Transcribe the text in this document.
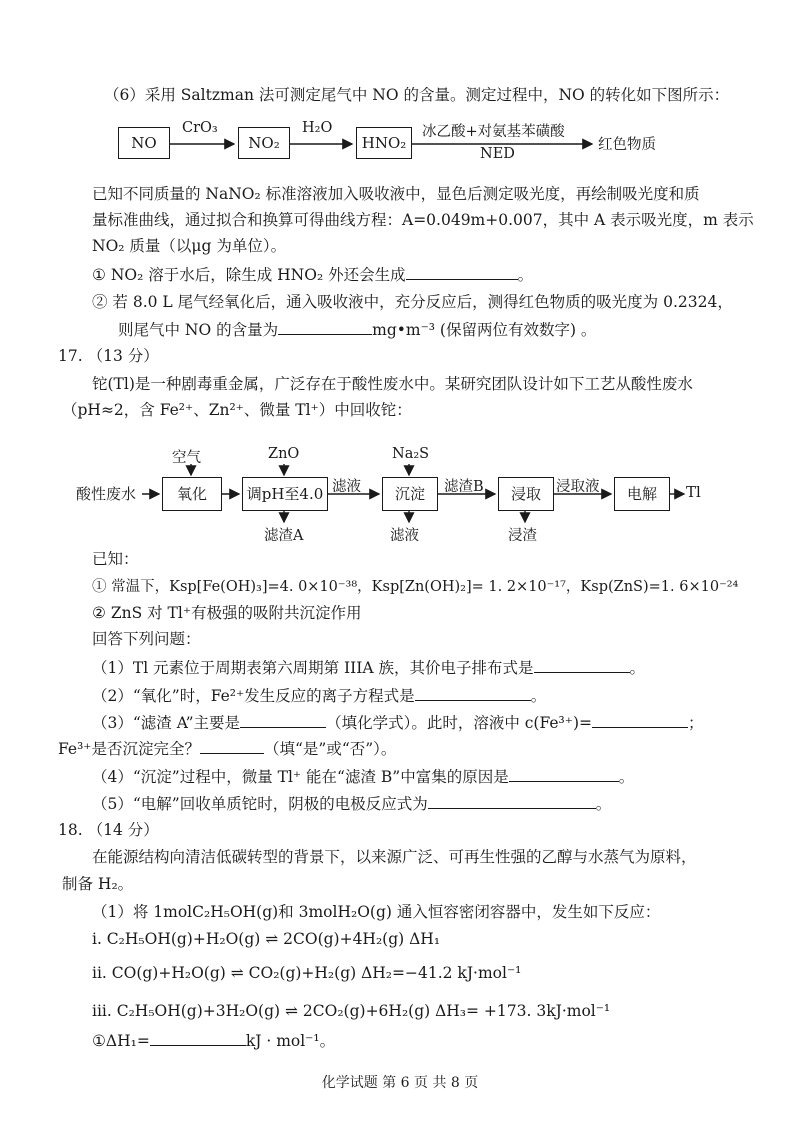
（6）采用 Saltzman 法可测定尾气中 NO 的含量。测定过程中，NO 的转化如下图所示：
NO
CrO₃
NO₂
H₂O
HNO₂
冰乙酸+对氨基苯磺酸
NED
红色物质
已知不同质量的 NaNO₂ 标准溶液加入吸收液中，显色后测定吸光度，再绘制吸光度和质
量标准曲线，通过拟合和换算可得曲线方程：A=0.049m+0.007，其中 A 表示吸光度，m 表示
NO₂ 质量（以μg 为单位）。
① NO₂ 溶于水后，除生成 HNO₂ 外还会生成	。
② 若 8.0 L 尾气经氧化后，通入吸收液中，充分反应后，测得红色物质的吸光度为 0.2324，
则尾气中 NO 的含量为	mg•m⁻³ (保留两位有效数字) 。
17. （13 分）
铊(Tl)是一种剧毒重金属，广泛存在于酸性废水中。某研究团队设计如下工艺从酸性废水
（pH≈2，含 Fe²⁺、Zn²⁺、微量 Tl⁺）中回收铊：
酸性废水	氧化
空气
调pH至4.0
ZnO
滤渣A
滤液	沉淀
Na₂S
滤液
滤渣B	浸取
浸渣
浸取液	电解	Tl
已知：
① 常温下，Ksp[Fe(OH)₃]=4. 0×10⁻³⁸，Ksp[Zn(OH)₂]= 1. 2×10⁻¹⁷，Ksp(ZnS)=1. 6×10⁻²⁴
② ZnS 对 Tl⁺有极强的吸附共沉淀作用
回答下列问题：
（1）Tl 元素位于周期表第六周期第 IIIA 族，其价电子排布式是	。
（2）“氧化”时，Fe²⁺发生反应的离子方程式是	。
（3）“滤渣 A”主要是	（填化学式）。此时，溶液中 c(Fe³⁺)=	；
Fe³⁺是否沉淀完全？	（填“是”或“否”）。
（4）“沉淀”过程中，微量 Tl⁺ 能在“滤渣 B”中富集的原因是	。
（5）“电解”回收单质铊时，阴极的电极反应式为	。
18. （14 分）
在能源结构向清洁低碳转型的背景下，以来源广泛、可再生性强的乙醇与水蒸气为原料，
制备 H₂。
（1）将 1molC₂H₅OH(g)和 3molH₂O(g) 通入恒容密闭容器中，发生如下反应：
i. C₂H₅OH(g)+H₂O(g) ⇌ 2CO(g)+4H₂(g) ΔH₁
ii. CO(g)+H₂O(g) ⇌ CO₂(g)+H₂(g) ΔH₂=−41.2 kJ·mol⁻¹
iii. C₂H₅OH(g)+3H₂O(g) ⇌ 2CO₂(g)+6H₂(g) ΔH₃= +173. 3kJ·mol⁻¹
①ΔH₁=	kJ · mol⁻¹。
化学试题 第 6 页 共 8 页
